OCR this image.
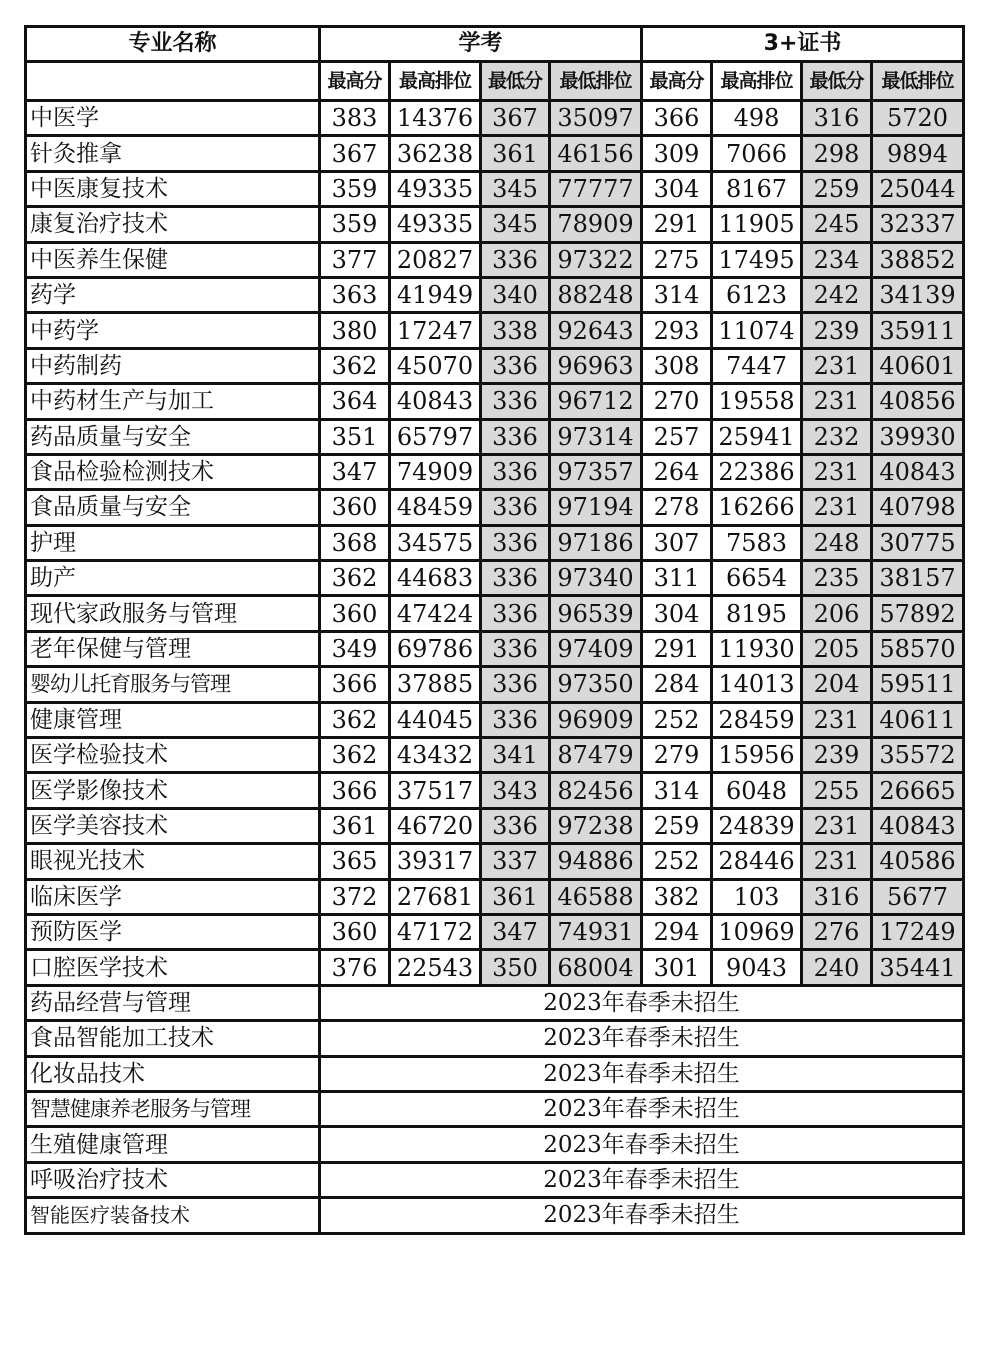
专业名称	学考				3+证书			
	最高分	最高排位	最低分	最低排位	最高分	最高排位	最低分	最低排位
中医学	383	14376	367	35097	366	498	316	5720
针灸推拿	367	36238	361	46156	309	7066	298	9894
中医康复技术	359	49335	345	77777	304	8167	259	25044
康复治疗技术	359	49335	345	78909	291	11905	245	32337
中医养生保健	377	20827	336	97322	275	17495	234	38852
药学	363	41949	340	88248	314	6123	242	34139
中药学	380	17247	338	92643	293	11074	239	35911
中药制药	362	45070	336	96963	308	7447	231	40601
中药材生产与加工	364	40843	336	96712	270	19558	231	40856
药品质量与安全	351	65797	336	97314	257	25941	232	39930
食品检验检测技术	347	74909	336	97357	264	22386	231	40843
食品质量与安全	360	48459	336	97194	278	16266	231	40798
护理	368	34575	336	97186	307	7583	248	30775
助产	362	44683	336	97340	311	6654	235	38157
现代家政服务与管理	360	47424	336	96539	304	8195	206	57892
老年保健与管理	349	69786	336	97409	291	11930	205	58570
婴幼儿托育服务与管理	366	37885	336	97350	284	14013	204	59511
健康管理	362	44045	336	96909	252	28459	231	40611
医学检验技术	362	43432	341	87479	279	15956	239	35572
医学影像技术	366	37517	343	82456	314	6048	255	26665
医学美容技术	361	46720	336	97238	259	24839	231	40843
眼视光技术	365	39317	337	94886	252	28446	231	40586
临床医学	372	27681	361	46588	382	103	316	5677
预防医学	360	47172	347	74931	294	10969	276	17249
口腔医学技术	376	22543	350	68004	301	9043	240	35441
药品经营与管理	2023年春季未招生							
食品智能加工技术	2023年春季未招生							
化妆品技术	2023年春季未招生							
智慧健康养老服务与管理	2023年春季未招生							
生殖健康管理	2023年春季未招生							
呼吸治疗技术	2023年春季未招生							
智能医疗装备技术	2023年春季未招生							
